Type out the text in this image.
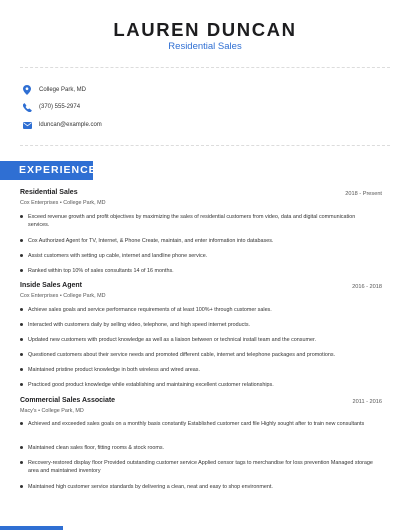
LAUREN DUNCAN
Residential Sales
College Park, MD
(370) 555-2974
lduncan@example.com
EXPERIENCE
Residential Sales	2018 - Present
Cox Enterprises • College Park, MD
Exceed revenue growth and profit objectives by maximizing the sales of residential customers from video, data and digital communication services.
Cox Authorized Agent for TV, Internet, & Phone Create, maintain, and enter information into databases.
Assist customers with setting up cable, internet and landline phone service.
Ranked within top 10% of sales consultants 14 of 16 months.
Inside Sales Agent	2016 - 2018
Cox Enterprises • College Park, MD
Achieve sales goals and service performance requirements of at least 100%+ through customer sales.
Interacted with customers daily by selling video, telephone, and high speed internet products.
Updated new customers with product knowledge as well as a liaison between or technical install team and the consumer.
Questioned customers about their service needs and promoted different cable, internet and telephone packages and promotions.
Maintained pristine product knowledge in both wireless and wired areas.
Practiced good product knowledge while establishing and maintaining excellent customer relationships.
Commercial Sales Associate	2011 - 2016
Macy's • College Park, MD
Achieved and exceeded sales goals on a monthly basis constantly Established customer card file Highly sought after to train new consultants
Maintained clean sales floor, fitting rooms & stock rooms.
Recovery-restored display floor Provided outstanding customer service Applied censor tags to merchandise for loss prevention Managed storage area and maintained inventory
Maintained high customer service standards by delivering a clean, neat and easy to shop environment.
